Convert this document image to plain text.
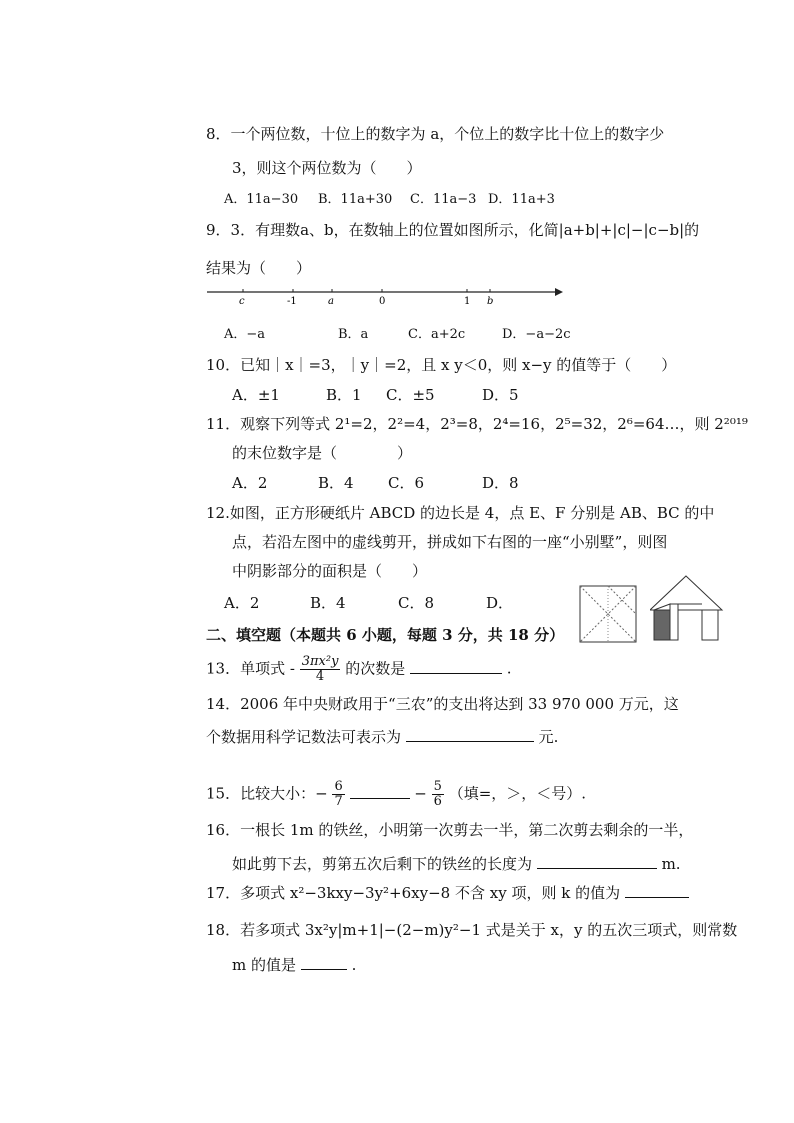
8．一个两位数，十位上的数字为 a，个位上的数字比十位上的数字少
3，则这个两位数为（　　）
A．11a−30 B．11a+30 C．11a−3 D．11a+3
9．3．有理数a、b，在数轴上的位置如图所示，化简|a+b|+|c|−|c−b|的
结果为（　　）
c	-1	a	0	1 b
A．−a	B．a	C．a+2c	D．−a−2c
10．已知｜x｜=3，｜y｜=2，且 x y＜0，则 x−y 的值等于（　　）
A．±1	B．1 C．±5	D．5
11．观察下列等式 2¹=2，2²=4，2³=8，2⁴=16，2⁵=32，2⁶=64…，则 2²⁰¹⁹
的末位数字是（　　　　）
A．2	B．4 C．6	D．8
12.如图，正方形硬纸片 ABCD 的边长是 4，点 E、F 分别是 AB、BC 的中
点，若沿左图中的虚线剪开，拼成如下右图的一座“小别墅”，则图
中阴影部分的面积是（　　）
A．2	B．4	C．8	D．
二、填空题（本题共 6 小题，每题 3 分，共 18 分）
13．单项式 - $\frac{\text{3πx²y}}{4}$ 的次数是	.
14．2006 年中央财政用于“三农”的支出将达到 33 970 000 万元，这
个数据用科学记数法可表示为	元.
15．比较大小：− $\frac{6}{7}$	− $\frac{5}{6}$ （填=，＞，＜号）.
16．一根长 1m 的铁丝，小明第一次剪去一半，第二次剪去剩余的一半，
如此剪下去，剪第五次后剩下的铁丝的长度为	m.
17．多项式 x²−3kxy−3y²+6xy−8 不含 xy 项，则 k 的值为
18．若多项式 3x²y|m+1|−(2−m)y²−1 式是关于 x，y 的五次三项式，则常数
m 的值是	.
